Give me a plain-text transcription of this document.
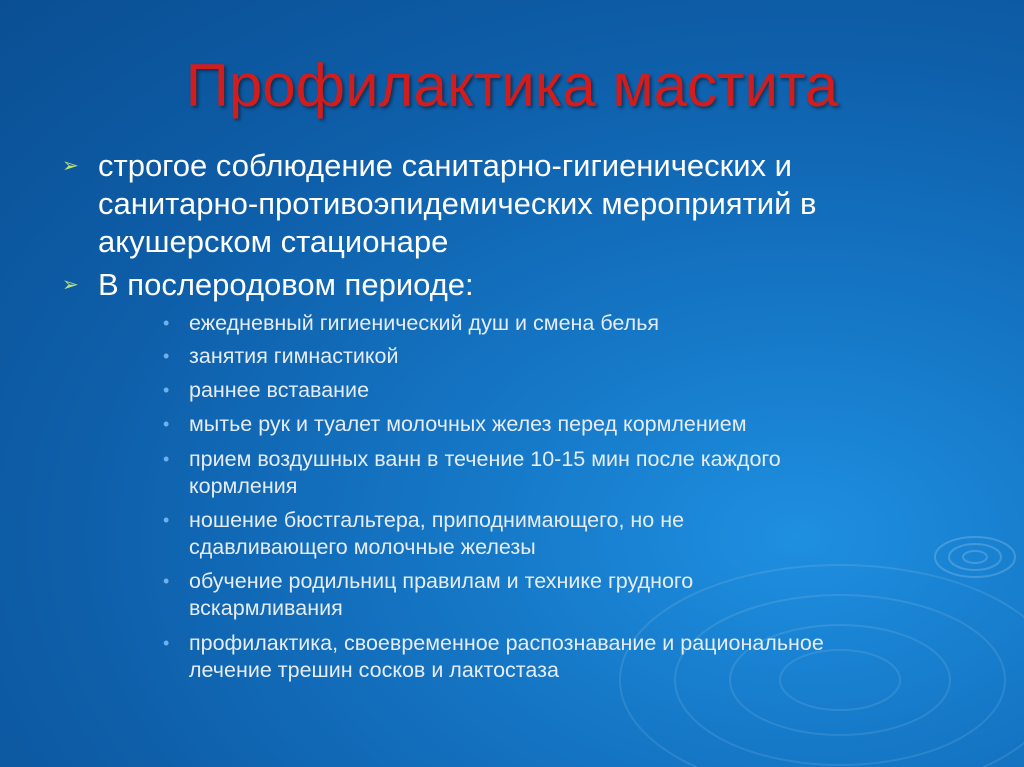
Профилактика мастита
➢ строгое соблюдение санитарно-гигиенических и
санитарно-противоэпидемических мероприятий в
акушерском стационаре
➢ В послеродовом периоде:
• ежедневный гигиенический душ и смена белья
• занятия гимнастикой
• раннее вставание
• мытье рук и туалет молочных желез перед кормлением
• прием воздушных ванн в течение 10-15 мин после каждого
кормления
• ношение бюстгальтера, приподнимающего, но не
сдавливающего молочные железы
• обучение родильниц правилам и технике грудного
вскармливания
• профилактика, своевременное распознавание и рациональное
лечение трешин сосков и лактостаза
